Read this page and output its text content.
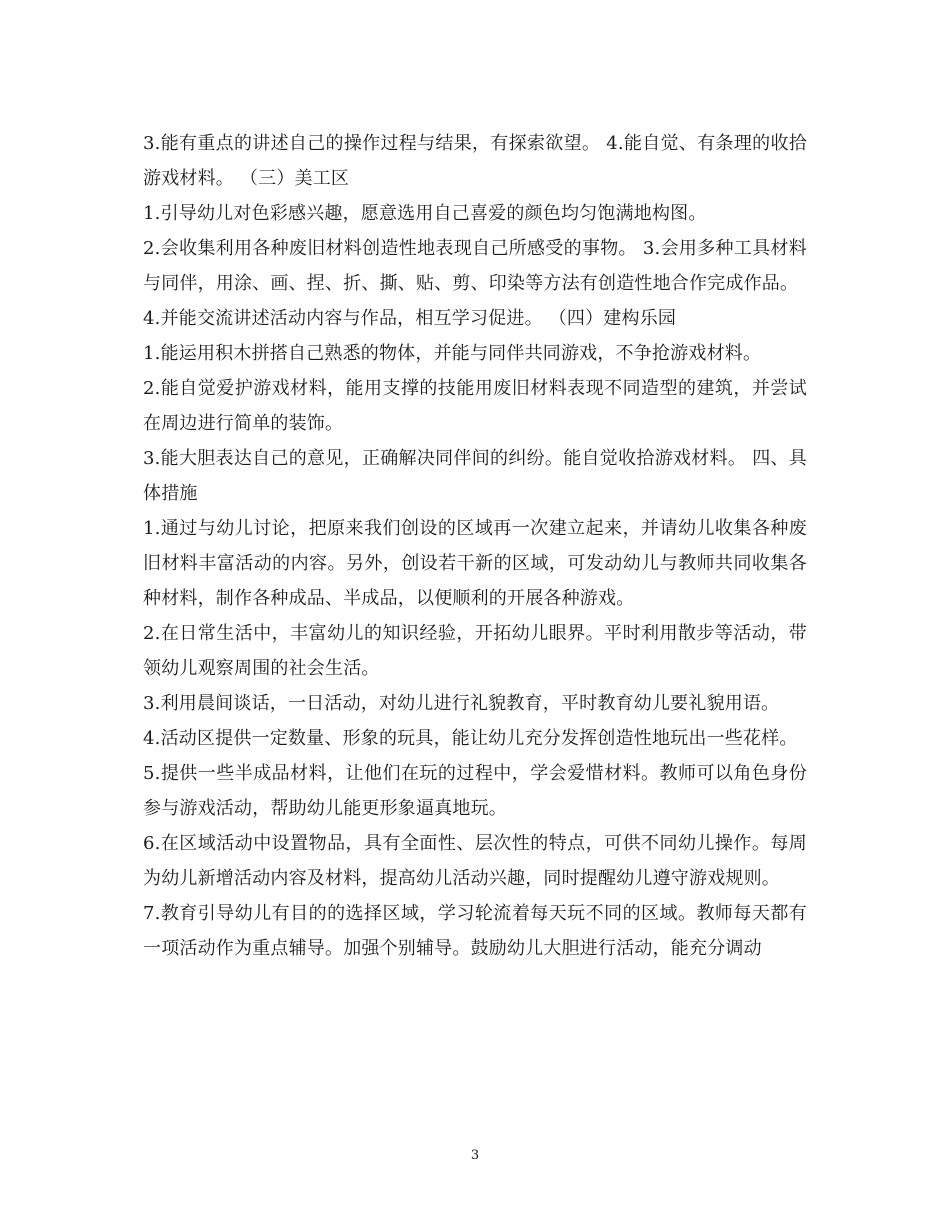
3.能有重点的讲述自己的操作过程与结果，有探索欲望。 4.能自觉、有条理的收拾游戏材料。 （三）美工区

1.引导幼儿对色彩感兴趣，愿意选用自己喜爱的颜色均匀饱满地构图。

2.会收集利用各种废旧材料创造性地表现自己所感受的事物。 3.会用多种工具材料与同伴，用涂、画、捏、折、撕、贴、剪、印染等方法有创造性地合作完成作品。

4.并能交流讲述活动内容与作品，相互学习促进。 （四）建构乐园

1.能运用积木拼搭自己熟悉的物体，并能与同伴共同游戏，不争抢游戏材料。

2.能自觉爱护游戏材料，能用支撑的技能用废旧材料表现不同造型的建筑，并尝试在周边进行简单的装饰。

3.能大胆表达自己的意见，正确解决同伴间的纠纷。能自觉收拾游戏材料。 四、具体措施

1.通过与幼儿讨论，把原来我们创设的区域再一次建立起来，并请幼儿收集各种废旧材料丰富活动的内容。另外，创设若干新的区域，可发动幼儿与教师共同收集各种材料，制作各种成品、半成品，以便顺利的开展各种游戏。

2.在日常生活中，丰富幼儿的知识经验，开拓幼儿眼界。平时利用散步等活动，带领幼儿观察周围的社会生活。

3.利用晨间谈话，一日活动，对幼儿进行礼貌教育，平时教育幼儿要礼貌用语。

4.活动区提供一定数量、形象的玩具，能让幼儿充分发挥创造性地玩出一些花样。

5.提供一些半成品材料，让他们在玩的过程中，学会爱惜材料。教师可以角色身份参与游戏活动，帮助幼儿能更形象逼真地玩。

6.在区域活动中设置物品，具有全面性、层次性的特点，可供不同幼儿操作。每周为幼儿新增活动内容及材料，提高幼儿活动兴趣，同时提醒幼儿遵守游戏规则。

7.教育引导幼儿有目的的选择区域，学习轮流着每天玩不同的区域。教师每天都有一项活动作为重点辅导。加强个别辅导。鼓励幼儿大胆进行活动，能充分调动

3
